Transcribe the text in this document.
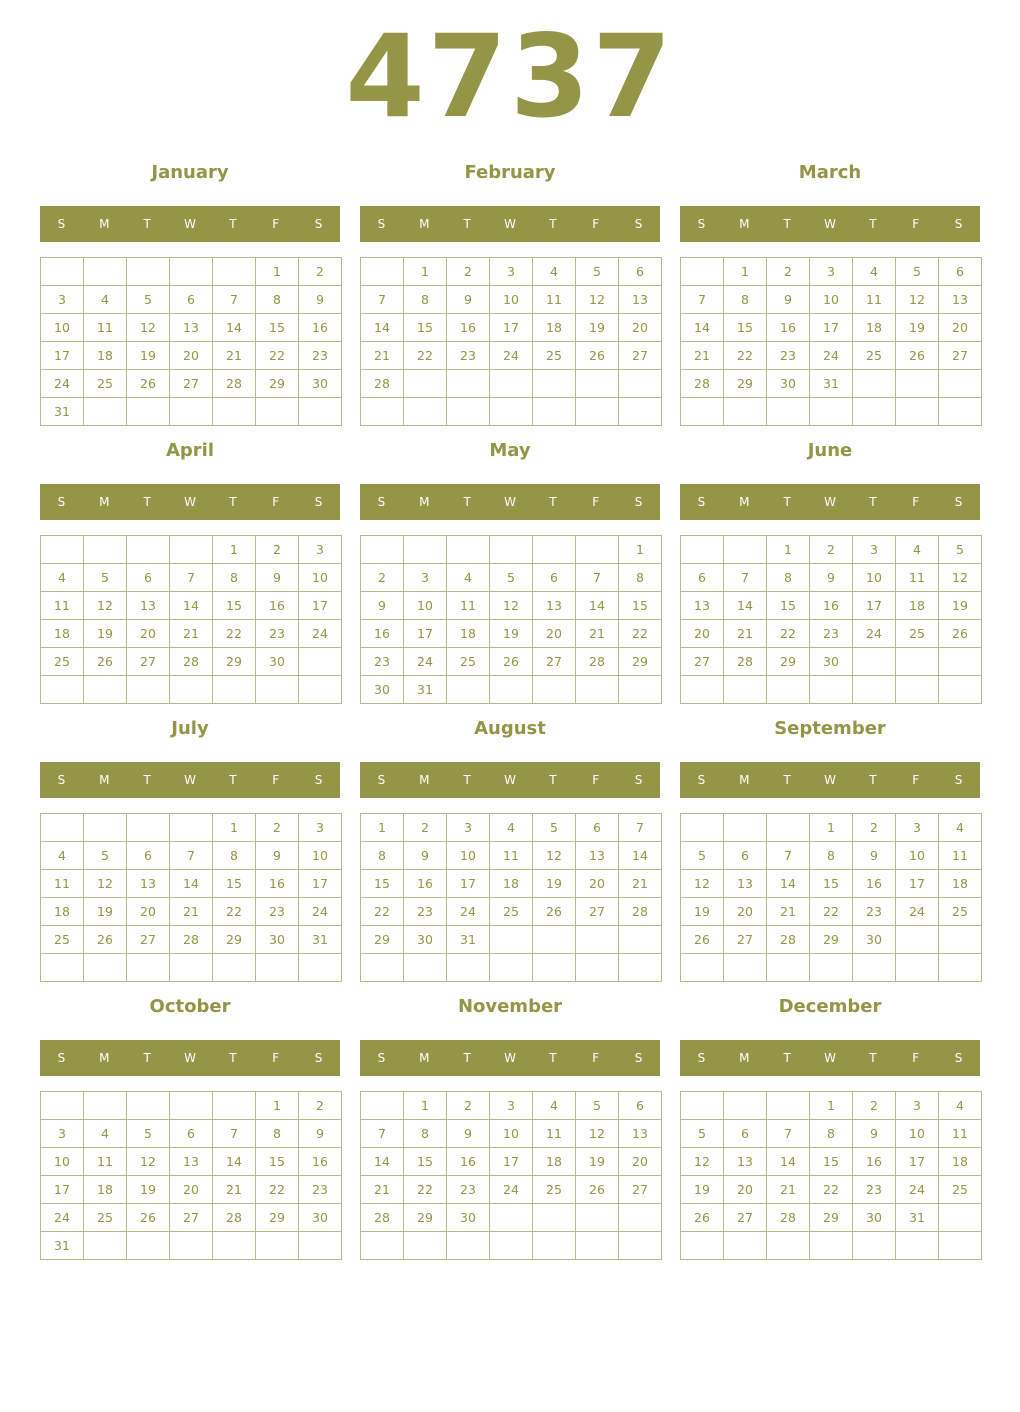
4737
January
S	M	T	W	T	F	S
					1	2
3	4	5	6	7	8	9
10	11	12	13	14	15	16
17	18	19	20	21	22	23
24	25	26	27	28	29	30
31						
February
S	M	T	W	T	F	S
	1	2	3	4	5	6
7	8	9	10	11	12	13
14	15	16	17	18	19	20
21	22	23	24	25	26	27
28						

March
S	M	T	W	T	F	S
	1	2	3	4	5	6
7	8	9	10	11	12	13
14	15	16	17	18	19	20
21	22	23	24	25	26	27
28	29	30	31			

April
S	M	T	W	T	F	S
				1	2	3
4	5	6	7	8	9	10
11	12	13	14	15	16	17
18	19	20	21	22	23	24
25	26	27	28	29	30	

May
S	M	T	W	T	F	S
						1
2	3	4	5	6	7	8
9	10	11	12	13	14	15
16	17	18	19	20	21	22
23	24	25	26	27	28	29
30	31					
June
S	M	T	W	T	F	S
		1	2	3	4	5
6	7	8	9	10	11	12
13	14	15	16	17	18	19
20	21	22	23	24	25	26
27	28	29	30			

July
S	M	T	W	T	F	S
				1	2	3
4	5	6	7	8	9	10
11	12	13	14	15	16	17
18	19	20	21	22	23	24
25	26	27	28	29	30	31

August
S	M	T	W	T	F	S
1	2	3	4	5	6	7
8	9	10	11	12	13	14
15	16	17	18	19	20	21
22	23	24	25	26	27	28
29	30	31				

September
S	M	T	W	T	F	S
			1	2	3	4
5	6	7	8	9	10	11
12	13	14	15	16	17	18
19	20	21	22	23	24	25
26	27	28	29	30		

October
S	M	T	W	T	F	S
					1	2
3	4	5	6	7	8	9
10	11	12	13	14	15	16
17	18	19	20	21	22	23
24	25	26	27	28	29	30
31						
November
S	M	T	W	T	F	S
	1	2	3	4	5	6
7	8	9	10	11	12	13
14	15	16	17	18	19	20
21	22	23	24	25	26	27
28	29	30				

December
S	M	T	W	T	F	S
			1	2	3	4
5	6	7	8	9	10	11
12	13	14	15	16	17	18
19	20	21	22	23	24	25
26	27	28	29	30	31	
